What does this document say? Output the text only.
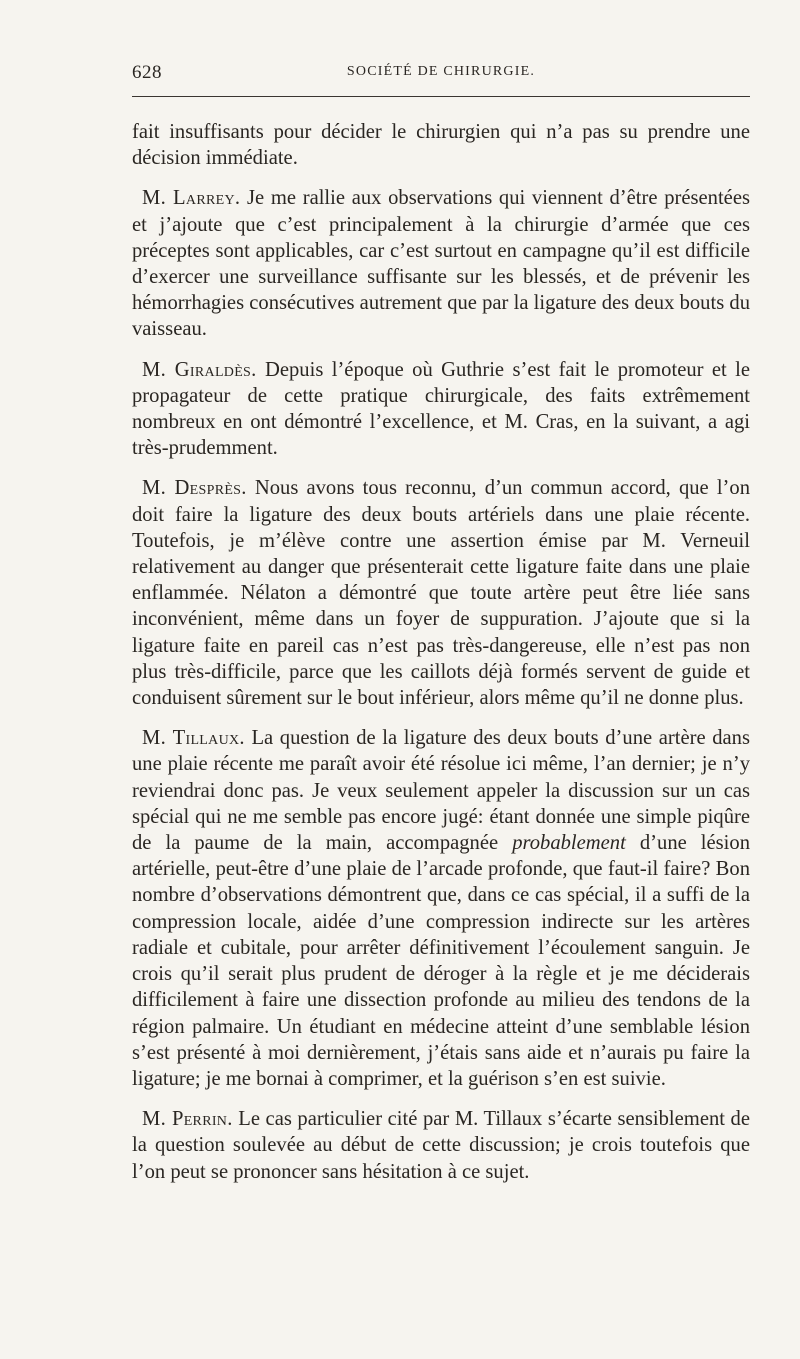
628	SOCIÉTÉ DE CHIRURGIE.

fait insuffisants pour décider le chirurgien qui n’a pas su prendre une décision immédiate.

M. Larrey. Je me rallie aux observations qui viennent d’être présentées et j’ajoute que c’est principalement à la chirurgie d’armée que ces préceptes sont applicables, car c’est surtout en campagne qu’il est difficile d’exercer une surveillance suffisante sur les blessés, et de prévenir les hémorrhagies consécutives autrement que par la ligature des deux bouts du vaisseau.

M. Giraldès. Depuis l’époque où Guthrie s’est fait le promoteur et le propagateur de cette pratique chirurgicale, des faits extrêmement nombreux en ont démontré l’excellence, et M. Cras, en la suivant, a agi très-prudemment.

M. Desprès. Nous avons tous reconnu, d’un commun accord, que l’on doit faire la ligature des deux bouts artériels dans une plaie récente. Toutefois, je m’élève contre une assertion émise par M. Verneuil relativement au danger que présenterait cette ligature faite dans une plaie enflammée. Nélaton a démontré que toute artère peut être liée sans inconvénient, même dans un foyer de suppuration. J’ajoute que si la ligature faite en pareil cas n’est pas très-dangereuse, elle n’est pas non plus très-difficile, parce que les caillots déjà formés servent de guide et conduisent sûrement sur le bout inférieur, alors même qu’il ne donne plus.

M. Tillaux. La question de la ligature des deux bouts d’une artère dans une plaie récente me paraît avoir été résolue ici même, l’an dernier; je n’y reviendrai donc pas. Je veux seulement appeler la discussion sur un cas spécial qui ne me semble pas encore jugé: étant donnée une simple piqûre de la paume de la main, accompagnée probablement d’une lésion artérielle, peut-être d’une plaie de l’arcade profonde, que faut-il faire? Bon nombre d’observations démontrent que, dans ce cas spécial, il a suffi de la compression locale, aidée d’une compression indirecte sur les artères radiale et cubitale, pour arrêter définitivement l’écoulement sanguin. Je crois qu’il serait plus prudent de déroger à la règle et je me déciderais difficilement à faire une dissection profonde au milieu des tendons de la région palmaire. Un étudiant en médecine atteint d’une semblable lésion s’est présenté à moi dernièrement, j’étais sans aide et n’aurais pu faire la ligature; je me bornai à comprimer, et la guérison s’en est suivie.

M. Perrin. Le cas particulier cité par M. Tillaux s’écarte sensiblement de la question soulevée au début de cette discussion; je crois toutefois que l’on peut se prononcer sans hésitation à ce sujet.
